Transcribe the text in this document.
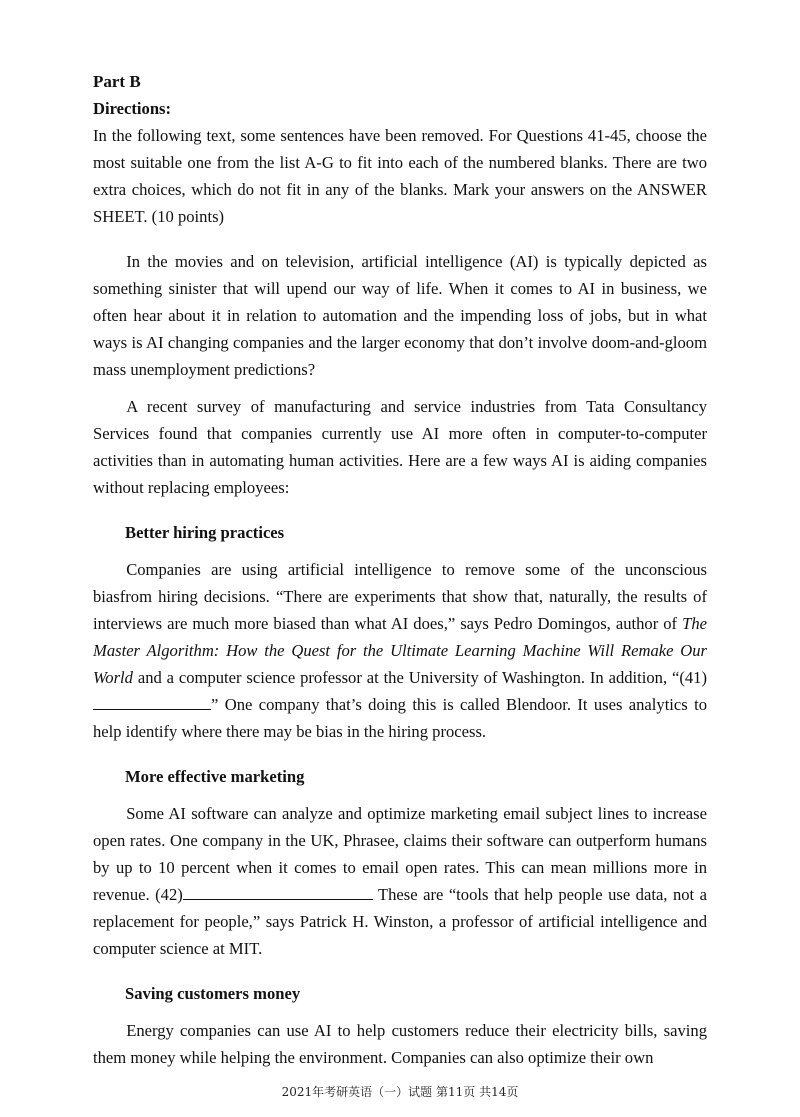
Part B
Directions:

In the following text, some sentences have been removed. For Questions 41-45, choose the most suitable one from the list A-G to fit into each of the numbered blanks. There are two extra choices, which do not fit in any of the blanks. Mark your answers on the ANSWER SHEET. (10 points)

In the movies and on television, artificial intelligence (AI) is typically depicted as something sinister that will upend our way of life. When it comes to AI in business, we often hear about it in relation to automation and the impending loss of jobs, but in what ways is AI changing companies and the larger economy that don’t involve doom-and-gloom mass unemployment predictions?

A recent survey of manufacturing and service industries from Tata Consultancy Services found that companies currently use AI more often in computer-to-computer activities than in automating human activities. Here are a few ways AI is aiding companies without replacing employees:

Better hiring practices

Companies are using artificial intelligence to remove some of the unconscious biasfrom hiring decisions. “There are experiments that show that, naturally, the results of interviews are much more biased than what AI does,” says Pedro Domingos, author of The Master Algorithm: How the Quest for the Ultimate Learning Machine Will Remake Our World and a computer science professor at the University of Washington. In addition, “(41)” One company that’s doing this is called Blendoor. It uses analytics to help identify where there may be bias in the hiring process.

More effective marketing

Some AI software can analyze and optimize marketing email subject lines to increase open rates. One company in the UK, Phrasee, claims their software can outperform humans by up to 10 percent when it comes to email open rates. This can mean millions more in revenue. (42)	These are “tools that help people use data, not a replacement for people,” says Patrick H. Winston, a professor of artificial intelligence and computer science at MIT.

Saving customers money

Energy companies can use AI to help customers reduce their electricity bills, saving them money while helping the environment. Companies can also optimize their own

2021年考研英语（一）试题 第11页 共14页
